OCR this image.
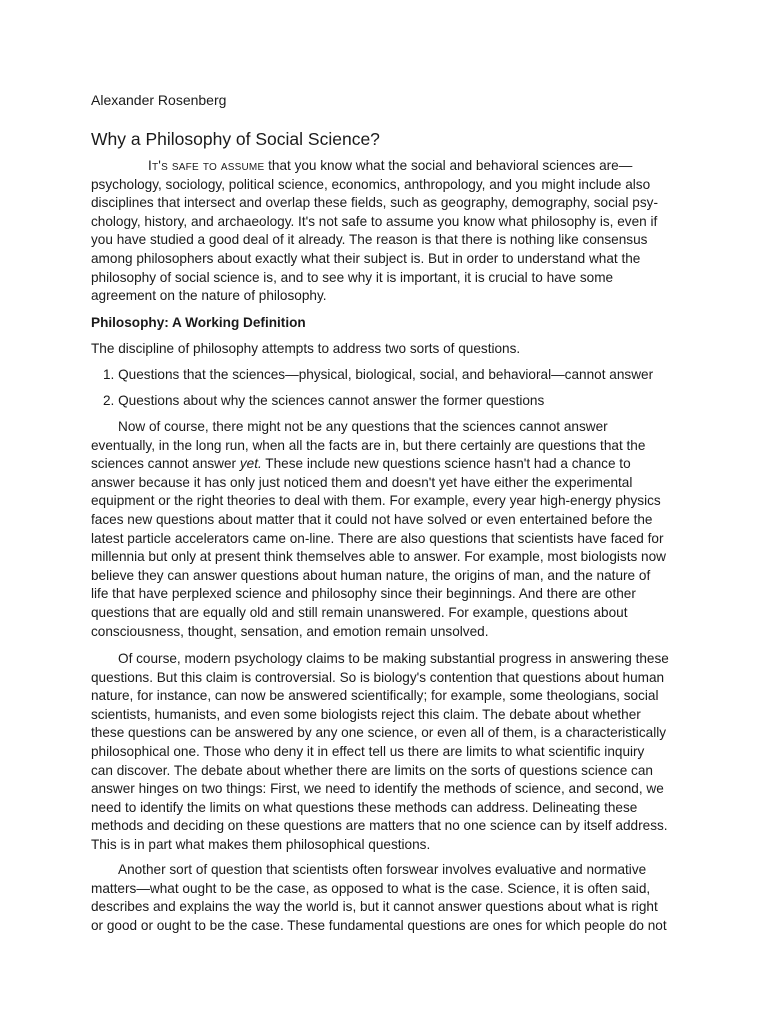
Alexander Rosenberg
Why a Philosophy of Social Science?
It's safe to assume that you know what the social and behavioral sciences are—
psychology, sociology, political science, economics, anthropology, and you might include also
disciplines that intersect and overlap these fields, such as geography, demography, social psy-
chology, history, and archaeology. It's not safe to assume you know what philosophy is, even if
you have studied a good deal of it already. The reason is that there is nothing like consensus
among philosophers about exactly what their subject is. But in order to understand what the
philosophy of social science is, and to see why it is important, it is crucial to have some
agreement on the nature of philosophy.
Philosophy: A Working Definition
The discipline of philosophy attempts to address two sorts of questions.
1. Questions that the sciences—physical, biological, social, and behavioral—cannot answer
2. Questions about why the sciences cannot answer the former questions
Now of course, there might not be any questions that the sciences cannot answer
eventually, in the long run, when all the facts are in, but there certainly are questions that the
sciences cannot answer yet. These include new questions science hasn't had a chance to
answer because it has only just noticed them and doesn't yet have either the experimental
equipment or the right theories to deal with them. For example, every year high-energy physics
faces new questions about matter that it could not have solved or even entertained before the
latest particle accelerators came on-line. There are also questions that scientists have faced for
millennia but only at present think themselves able to answer. For example, most biologists now
believe they can answer questions about human nature, the origins of man, and the nature of
life that have perplexed science and philosophy since their beginnings. And there are other
questions that are equally old and still remain unanswered. For example, questions about
consciousness, thought, sensation, and emotion remain unsolved.
Of course, modern psychology claims to be making substantial progress in answering these
questions. But this claim is controversial. So is biology's contention that questions about human
nature, for instance, can now be answered scientifically; for example, some theologians, social
scientists, humanists, and even some biologists reject this claim. The debate about whether
these questions can be answered by any one science, or even all of them, is a characteristically
philosophical one. Those who deny it in effect tell us there are limits to what scientific inquiry
can discover. The debate about whether there are limits on the sorts of questions science can
answer hinges on two things: First, we need to identify the methods of science, and second, we
need to identify the limits on what questions these methods can address. Delineating these
methods and deciding on these questions are matters that no one science can by itself address.
This is in part what makes them philosophical questions.
Another sort of question that scientists often forswear involves evaluative and normative
matters—what ought to be the case, as opposed to what is the case. Science, it is often said,
describes and explains the way the world is, but it cannot answer questions about what is right
or good or ought to be the case. These fundamental questions are ones for which people do not
